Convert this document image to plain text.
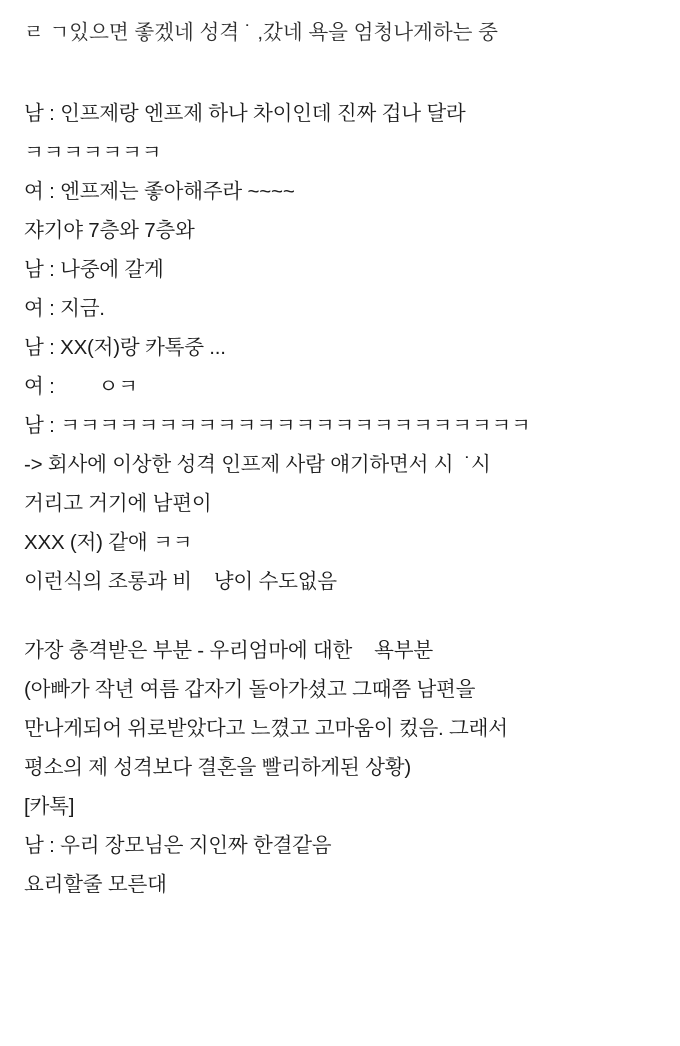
ㄹ ㄱ있으면 좋겠네 성격 ˙ ,갔네 욕을 엄청나게하는 중
남 : 인프제랑 엔프제 하나 차이인데 진짜 겁나 달라
ㅋㅋㅋㅋㅋㅋㅋ
여 : 엔프제는 좋아해주라 ~~~~
쟈기야 7층와 7층와
남 : 나중에 갈게
여 : 지금.
남 : XX(저)랑 카톡중 ...
여 :        ㅇㅋ
남 : ㅋㅋㅋㅋㅋㅋㅋㅋㅋㅋㅋㅋㅋㅋㅋㅋㅋㅋㅋㅋㅋㅋㅋㅋ
-> 회사에 이상한 성격 인프제 사람 얘기하면서 시  ˙시
거리고 거기에 남편이
XXX (저) 같애 ㅋㅋ
이런식의 조롱과 비    냥이 수도없음
가장 충격받은 부분 - 우리엄마에 대한    욕부분
(아빠가 작년 여름 갑자기 돌아가셨고 그때쯤 남편을
만나게되어 위로받았다고 느꼈고 고마움이 컸음. 그래서
평소의 제 성격보다 결혼을 빨리하게된 상황)
[카톡]
남 : 우리 장모님은 지인짜 한결같음
요리할줄 모른대
